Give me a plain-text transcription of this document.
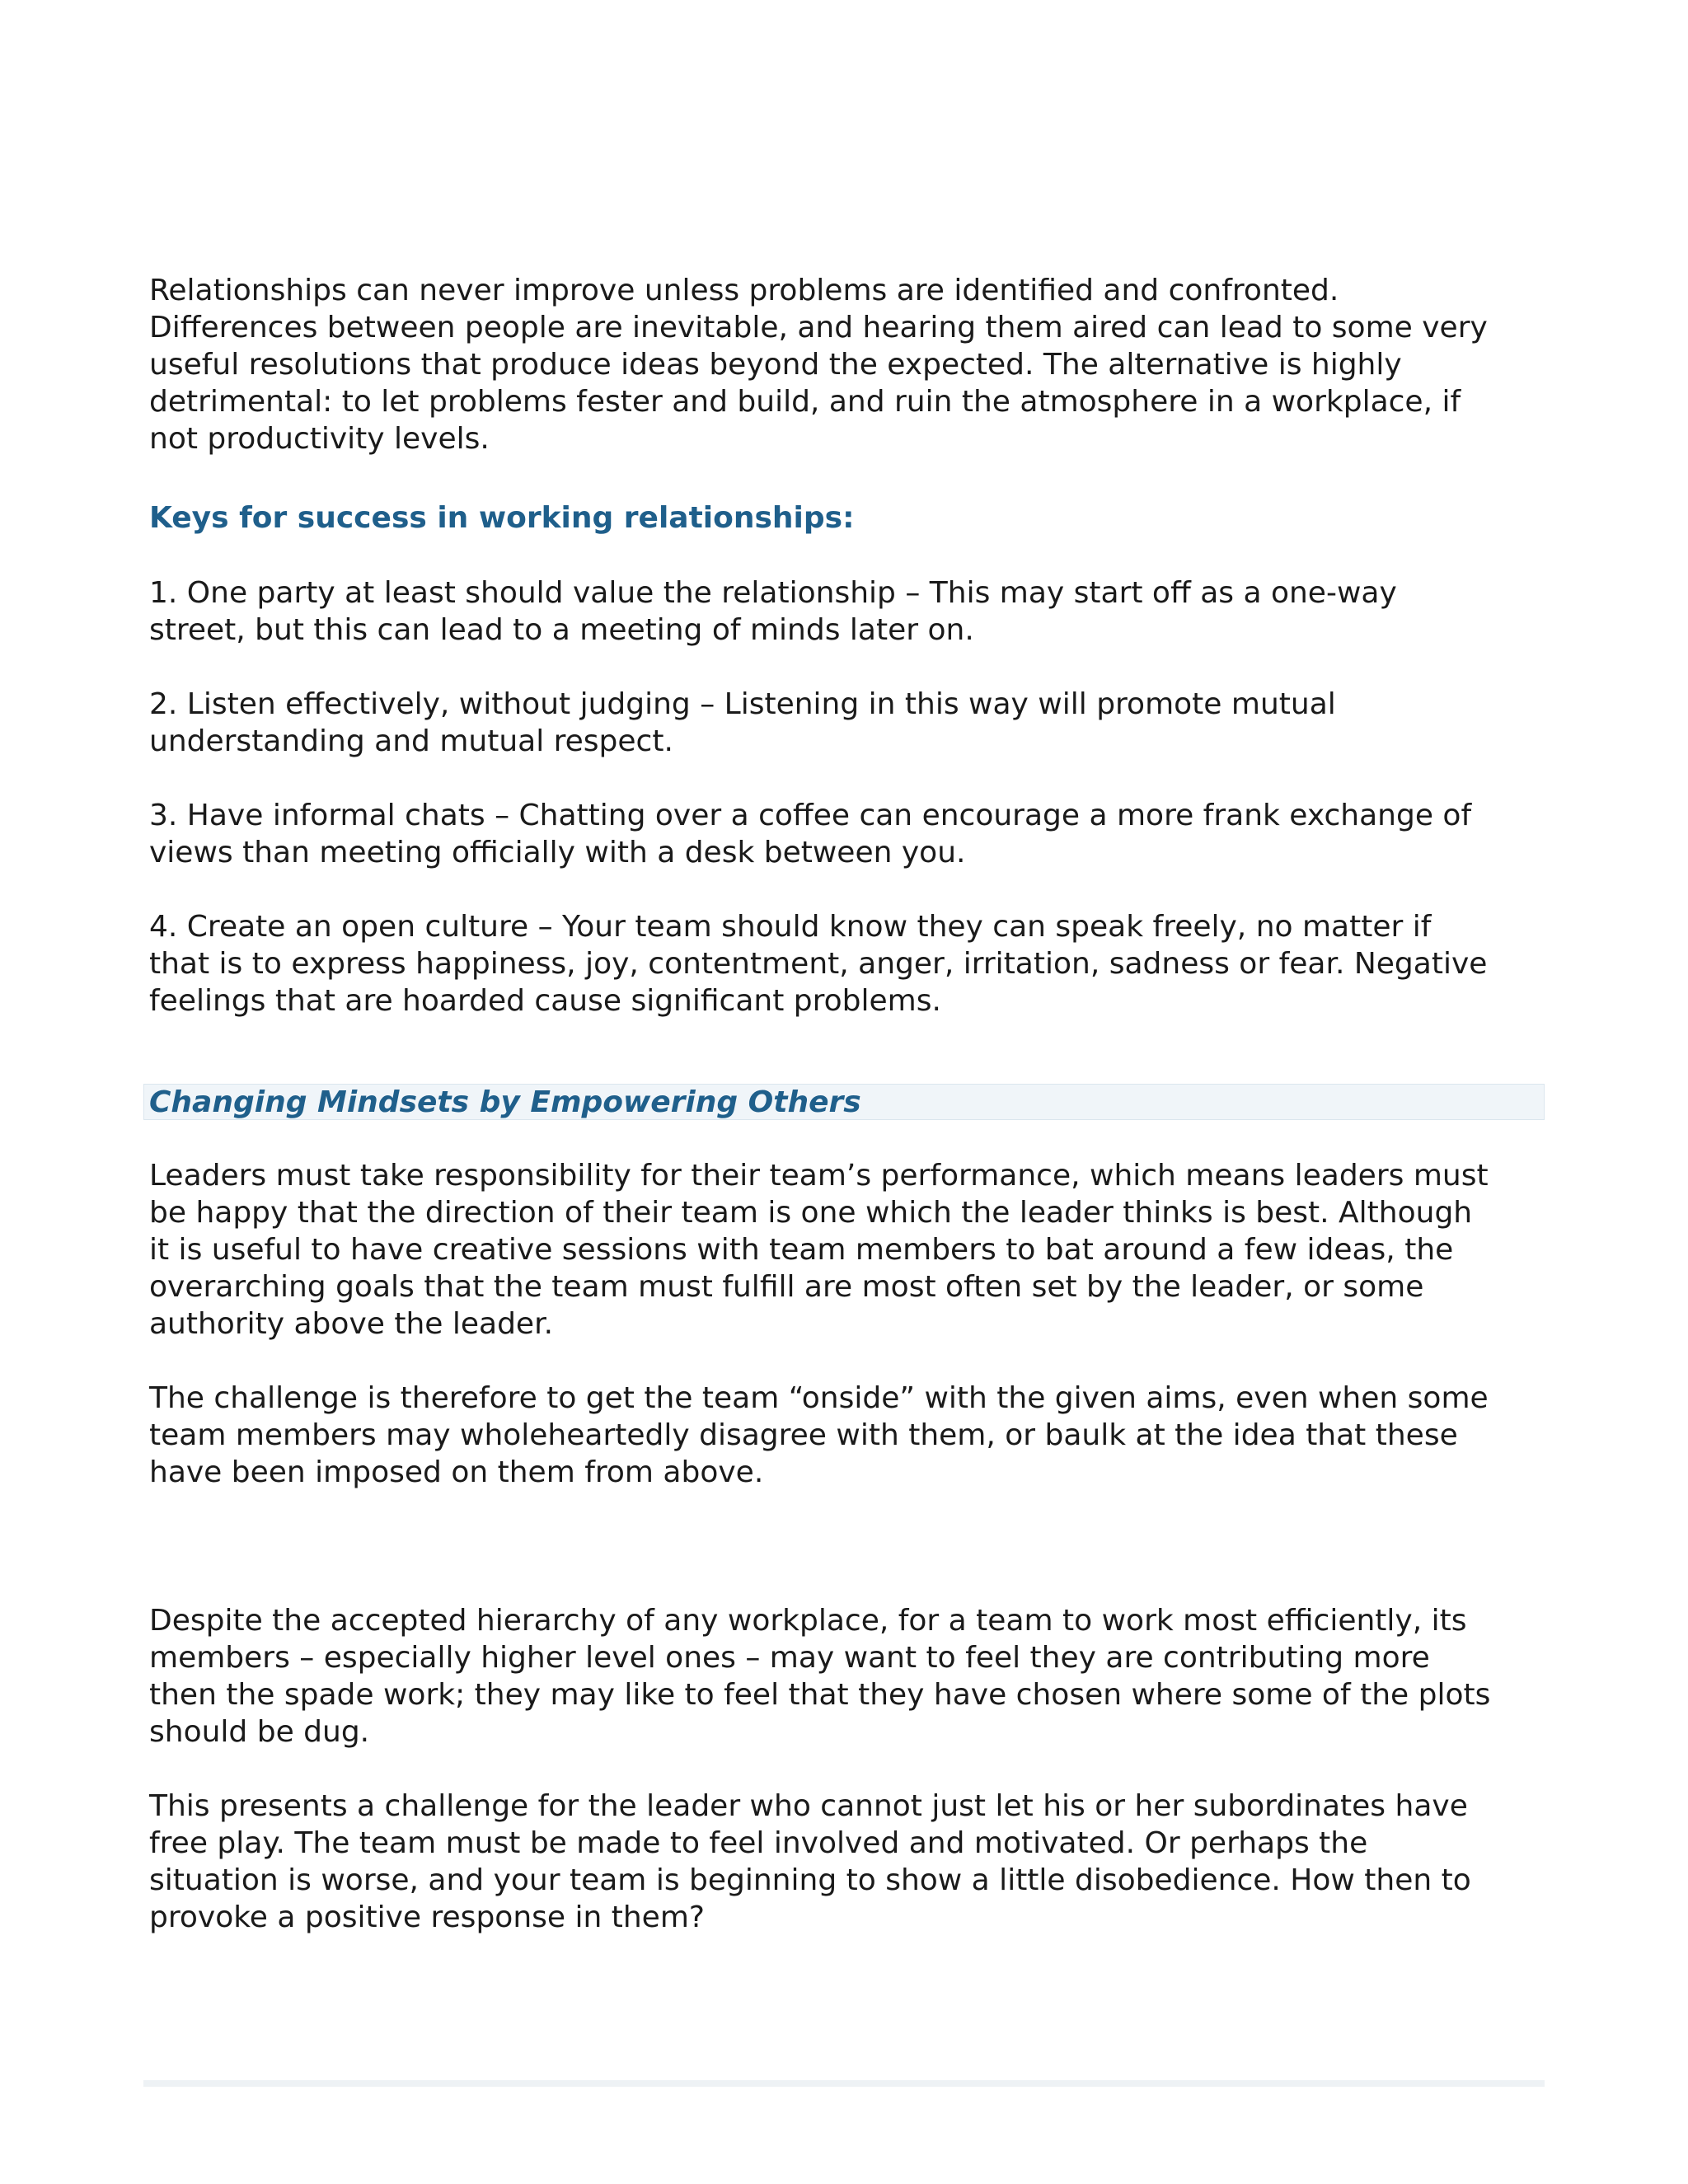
Relationships can never improve unless problems are identified and confronted.
Differences between people are inevitable, and hearing them aired can lead to some very
useful resolutions that produce ideas beyond the expected. The alternative is highly
detrimental: to let problems fester and build, and ruin the atmosphere in a workplace, if
not productivity levels.
Keys for success in working relationships:
1. One party at least should value the relationship – This may start off as a one-way
street, but this can lead to a meeting of minds later on.
2. Listen effectively, without judging – Listening in this way will promote mutual
understanding and mutual respect.
3. Have informal chats – Chatting over a coffee can encourage a more frank exchange of
views than meeting officially with a desk between you.
4. Create an open culture – Your team should know they can speak freely, no matter if
that is to express happiness, joy, contentment, anger, irritation, sadness or fear. Negative
feelings that are hoarded cause significant problems.
Changing Mindsets by Empowering Others
Leaders must take responsibility for their team’s performance, which means leaders must
be happy that the direction of their team is one which the leader thinks is best. Although
it is useful to have creative sessions with team members to bat around a few ideas, the
overarching goals that the team must fulfill are most often set by the leader, or some
authority above the leader.
The challenge is therefore to get the team “onside” with the given aims, even when some
team members may wholeheartedly disagree with them, or baulk at the idea that these
have been imposed on them from above.
Despite the accepted hierarchy of any workplace, for a team to work most efficiently, its
members – especially higher level ones – may want to feel they are contributing more
then the spade work; they may like to feel that they have chosen where some of the plots
should be dug.
This presents a challenge for the leader who cannot just let his or her subordinates have
free play. The team must be made to feel involved and motivated. Or perhaps the
situation is worse, and your team is beginning to show a little disobedience. How then to
provoke a positive response in them?
